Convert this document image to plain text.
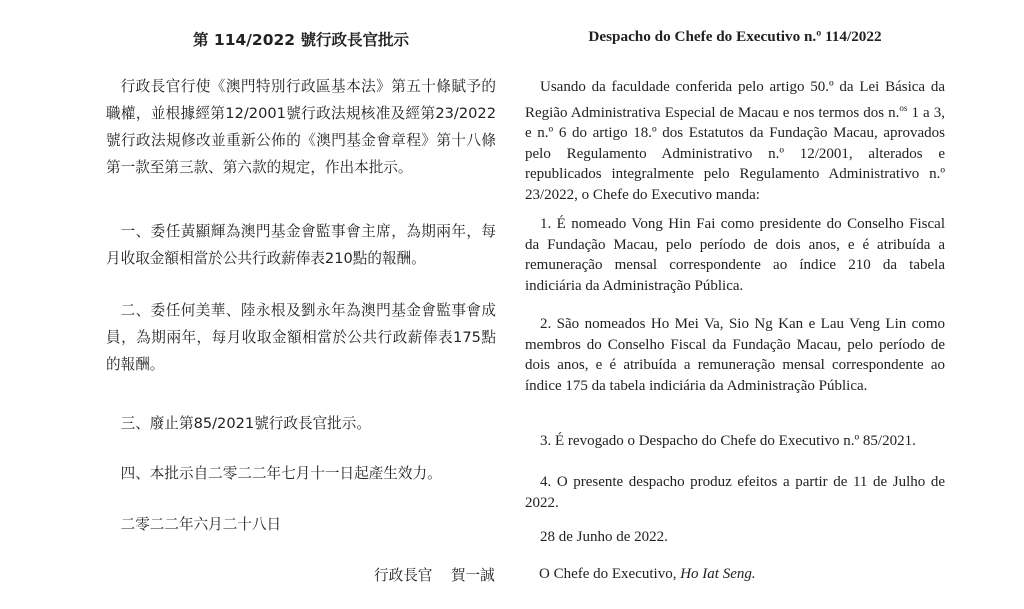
第 114/2022 號行政長官批示

行政長官行使《澳門特別行政區基本法》第五十條賦予的職權，並根據經第12/2001號行政法規核准及經第23/2022號行政法規修改並重新公佈的《澳門基金會章程》第十八條第一款至第三款、第六款的規定，作出本批示。

一、委任黃顯輝為澳門基金會監事會主席，為期兩年，每月收取金額相當於公共行政薪俸表210點的報酬。

二、委任何美華、陸永根及劉永年為澳門基金會監事會成員，為期兩年，每月收取金額相當於公共行政薪俸表175點的報酬。

三、廢止第85/2021號行政長官批示。

四、本批示自二零二二年七月十一日起產生效力。

二零二二年六月二十八日

行政長官 賀一誠
Despacho do Chefe do Executivo n.º 114/2022

Usando da faculdade conferida pelo artigo 50.º da Lei Básica da Região Administrativa Especial de Macau e nos termos dos n.$^{os}$ 1 a 3, e n.º 6 do artigo 18.º dos Estatutos da Fundação Macau, aprovados pelo Regulamento Administrativo n.º 12/2001, alterados e republicados integralmente pelo Regulamento Administrativo n.º 23/2022, o Chefe do Executivo manda:

1. É nomeado Vong Hin Fai como presidente do Conselho Fiscal da Fundação Macau, pelo período de dois anos, e é atribuída a remuneração mensal correspondente ao índice 210 da tabela indiciária da Administração Pública.

2. São nomeados Ho Mei Va, Sio Ng Kan e Lau Veng Lin como membros do Conselho Fiscal da Fundação Macau, pelo período de dois anos, e é atribuída a remuneração mensal correspondente ao índice 175 da tabela indiciária da Administração Pública.

3. É revogado o Despacho do Chefe do Executivo n.º 85/2021.

4. O presente despacho produz efeitos a partir de 11 de Julho de 2022.

28 de Junho de 2022.

O Chefe do Executivo, Ho Iat Seng.
